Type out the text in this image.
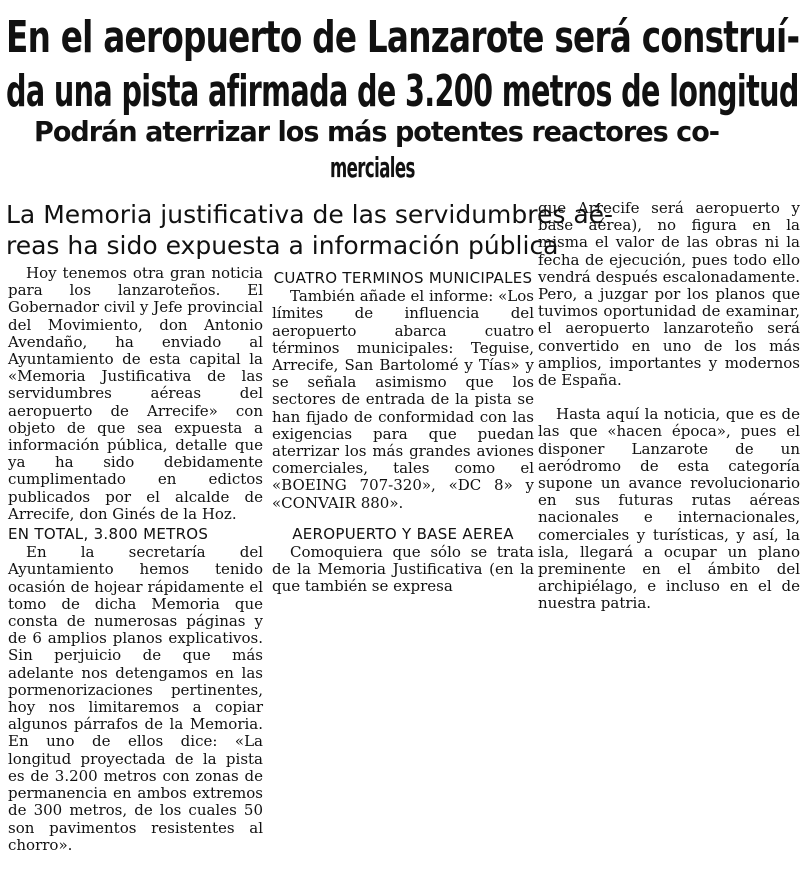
En el aeropuerto de Lanzarote será construí-
da una pista afirmada de 3.200 metros de longitud
Podrán aterrizar los más potentes reactores co-
merciales
La Memoria justificativa de las servidumbres aé-
reas ha sido expuesta a información pública

Hoy tenemos otra gran noticia para los lanzaroteños. El Gobernador civil y Jefe provincial del Movimiento, don Antonio Avendaño, ha enviado al Ayuntamiento de esta capital la «Memoria Justificativa de las servidumbres aéreas del aeropuerto de Arrecife» con objeto de que sea expuesta a información pública, detalle que ya ha sido debidamente cumplimentado en edictos publicados por el alcalde de Arrecife, don Ginés de la Hoz.

EN TOTAL, 3.800 METROS

En la secretaría del Ayuntamiento hemos tenido ocasión de hojear rápidamente el tomo de dicha Memoria que consta de numerosas páginas y de 6 amplios planos explicativos. Sin perjuicio de que más adelante nos detengamos en las pormenorizaciones pertinentes, hoy nos limitaremos a copiar algunos párrafos de la Memoria. En uno de ellos dice: «La longitud proyectada de la pista es de 3.200 metros con zonas de permanencia en ambos extremos de 300 metros, de los cuales 50 son pavimentos resistentes al chorro».

CUATRO TERMINOS MUNICIPALES

También añade el informe: «Los límites de influencia del aeropuerto abarca cuatro términos municipales: Teguise, Arrecife, San Bartolomé y Tías» y se señala asimismo que los sectores de entrada de la pista se han fijado de conformidad con las exigencias para que puedan aterrizar los más grandes aviones comerciales, tales como el «BOEING 707-320», «DC 8» y «CONVAIR 880».

AEROPUERTO Y BASE AEREA

Comoquiera que sólo se trata de la Memoria Justificativa (en la que también se expresa

que Arrecife será aeropuerto y base aérea), no figura en la misma el valor de las obras ni la fecha de ejecución, pues todo ello vendrá después escalonadamente. Pero, a juzgar por los planos que tuvimos oportunidad de examinar, el aeropuerto lanzaroteño será convertido en uno de los más amplios, importantes y modernos de España.

Hasta aquí la noticia, que es de las que «hacen época», pues el disponer Lanzarote de un aeródromo de esta categoría supone un avance revolucionario en sus futuras rutas aéreas nacionales e internacionales, comerciales y turísticas, y así, la isla, llegará a ocupar un plano preminente en el ámbito del archipiélago, e incluso en el de nuestra patria.
